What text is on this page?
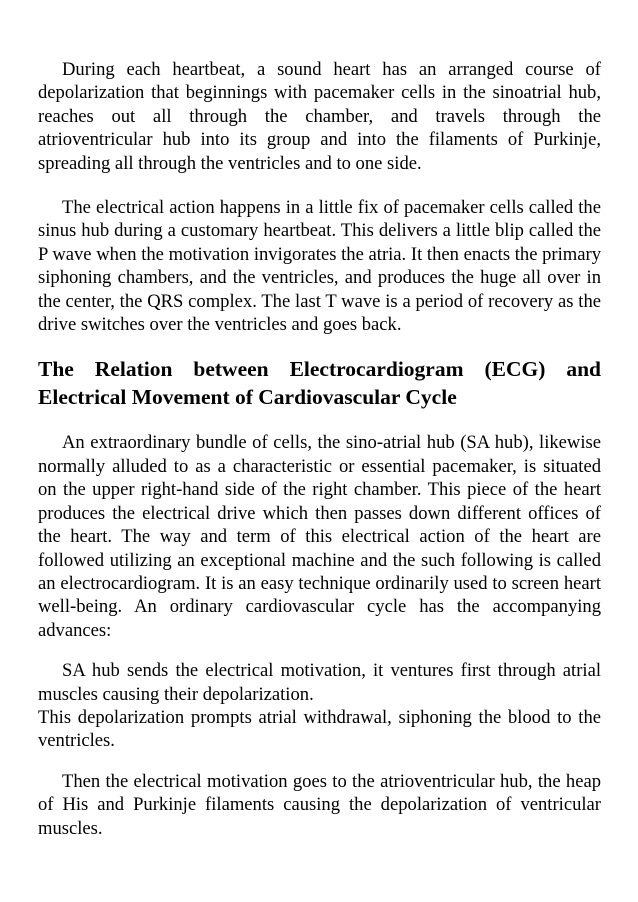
During each heartbeat, a sound heart has an arranged course of depolarization that beginnings with pacemaker cells in the sinoatrial hub, reaches out all through the chamber, and travels through the atrioventricular hub into its group and into the filaments of Purkinje, spreading all through the ventricles and to one side.

The electrical action happens in a little fix of pacemaker cells called the sinus hub during a customary heartbeat. This delivers a little blip called the P wave when the motivation invigorates the atria. It then enacts the primary siphoning chambers, and the ventricles, and produces the huge all over in the center, the QRS complex. The last T wave is a period of recovery as the drive switches over the ventricles and goes back.

The Relation between Electrocardiogram (ECG) and Electrical Movement of Cardiovascular Cycle

An extraordinary bundle of cells, the sino-atrial hub (SA hub), likewise normally alluded to as a characteristic or essential pacemaker, is situated on the upper right-hand side of the right chamber. This piece of the heart produces the electrical drive which then passes down different offices of the heart. The way and term of this electrical action of the heart are followed utilizing an exceptional machine and the such following is called an electrocardiogram. It is an easy technique ordinarily used to screen heart well-being. An ordinary cardiovascular cycle has the accompanying advances:

SA hub sends the electrical motivation, it ventures first through atrial muscles causing their depolarization.

This depolarization prompts atrial withdrawal, siphoning the blood to the ventricles.

Then the electrical motivation goes to the atrioventricular hub, the heap of His and Purkinje filaments causing the depolarization of ventricular muscles.
